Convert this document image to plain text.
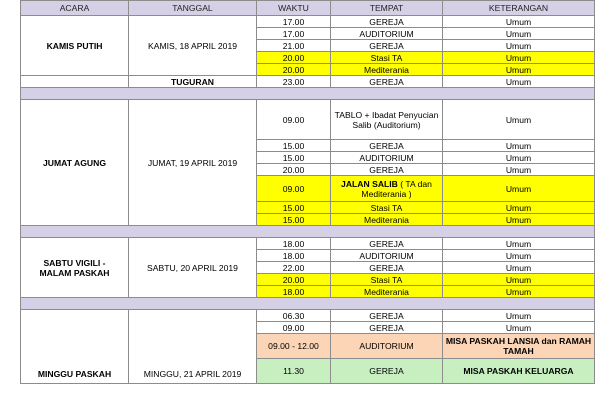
ACARA	TANGGAL	WAKTU	TEMPAT	KETERANGAN
KAMIS PUTIH	KAMIS, 18 APRIL 2019	17.00	GEREJA	Umum
		17.00	AUDITORIUM	Umum
		21.00	GEREJA	Umum
		20.00	Stasi TA	Umum
		20.00	Mediterania	Umum
	TUGURAN	23.00	GEREJA	Umum

JUMAT AGUNG	JUMAT, 19 APRIL 2019	09.00	TABLO + Ibadat Penyucian Salib (Auditorium)	Umum
		15.00	GEREJA	Umum
		15.00	AUDITORIUM	Umum
		20.00	GEREJA	Umum
		09.00	JALAN SALIB ( TA dan Mediterania )	Umum
		15.00	Stasi TA	Umum
		15.00	Mediterania	Umum

SABTU VIGILI -
MALAM PASKAH	SABTU, 20 APRIL 2019	18.00	GEREJA	Umum
		18.00	AUDITORIUM	Umum
		22.00	GEREJA	Umum
		20.00	Stasi TA	Umum
		18.00	Mediterania	Umum

MINGGU PASKAH	MINGGU, 21 APRIL 2019	06.30	GEREJA	Umum
		09.00	GEREJA	Umum
		09.00 - 12.00	AUDITORIUM	MISA PASKAH LANSIA dan RAMAH TAMAH
		11.30	GEREJA	MISA PASKAH KELUARGA
